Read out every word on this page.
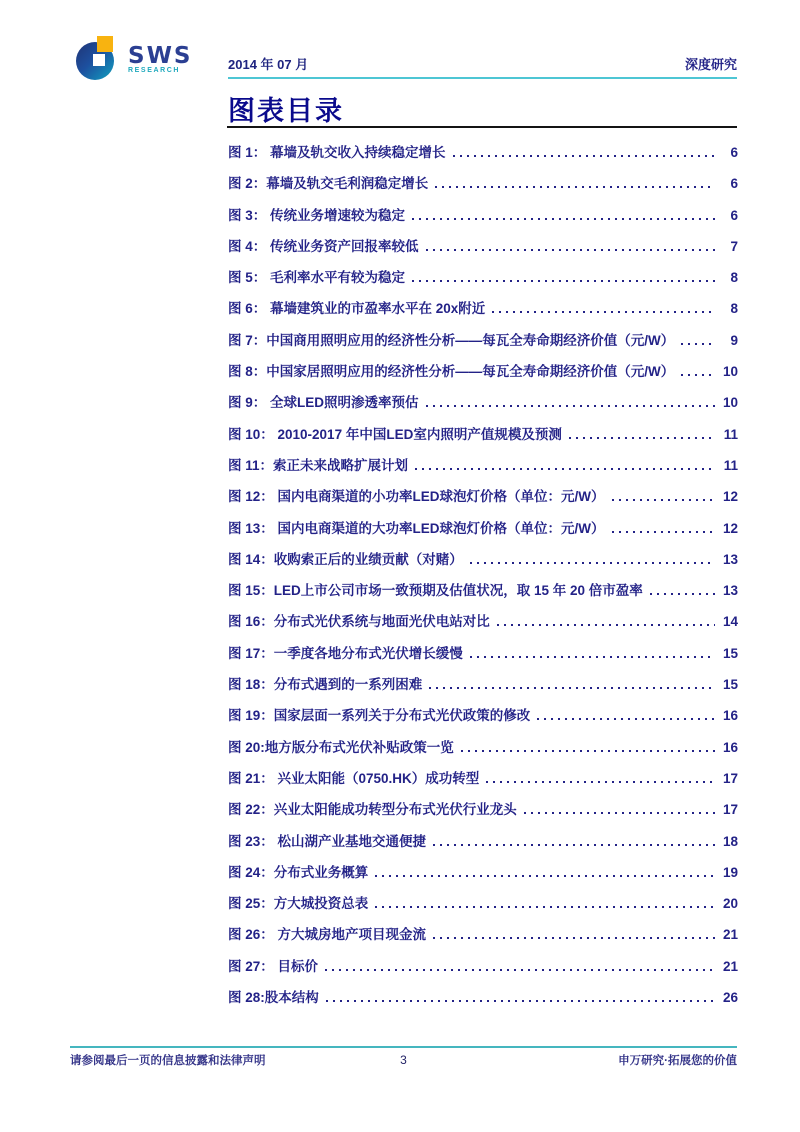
SWS
RESEARCH	2014 年 07 月	深度研究
图表目录
图 1： 幕墙及轨交收入持续稳定增长	6
图 2：幕墙及轨交毛利润稳定增长	6
图 3： 传统业务增速较为稳定	6
图 4： 传统业务资产回报率较低	7
图 5： 毛利率水平有较为稳定	8
图 6： 幕墙建筑业的市盈率水平在 20x附近	8
图 7：中国商用照明应用的经济性分析——每瓦全寿命期经济价值（元/W）	9
图 8：中国家居照明应用的经济性分析——每瓦全寿命期经济价值（元/W）	10
图 9： 全球LED照明渗透率预估	10
图 10： 2010-2017 年中国LED室内照明产值规模及预测	11
图 11：索正未来战略扩展计划	11
图 12： 国内电商渠道的小功率LED球泡灯价格（单位：元/W）	12
图 13： 国内电商渠道的大功率LED球泡灯价格（单位：元/W）	12
图 14：收购索正后的业绩贡献（对赌）	13
图 15：LED上市公司市场一致预期及估值状况，取 15 年 20 倍市盈率	13
图 16：分布式光伏系统与地面光伏电站对比	14
图 17：一季度各地分布式光伏增长缓慢	15
图 18：分布式遇到的一系列困难	15
图 19：国家层面一系列关于分布式光伏政策的修改	16
图 20:地方版分布式光伏补贴政策一览	16
图 21： 兴业太阳能（0750.HK）成功转型	17
图 22：兴业太阳能成功转型分布式光伏行业龙头	17
图 23： 松山湖产业基地交通便捷	18
图 24：分布式业务概算	19
图 25：方大城投资总表	20
图 26： 方大城房地产项目现金流	21
图 27： 目标价	21
图 28:股本结构	26
请参阅最后一页的信息披露和法律声明	3	申万研究·拓展您的价值
